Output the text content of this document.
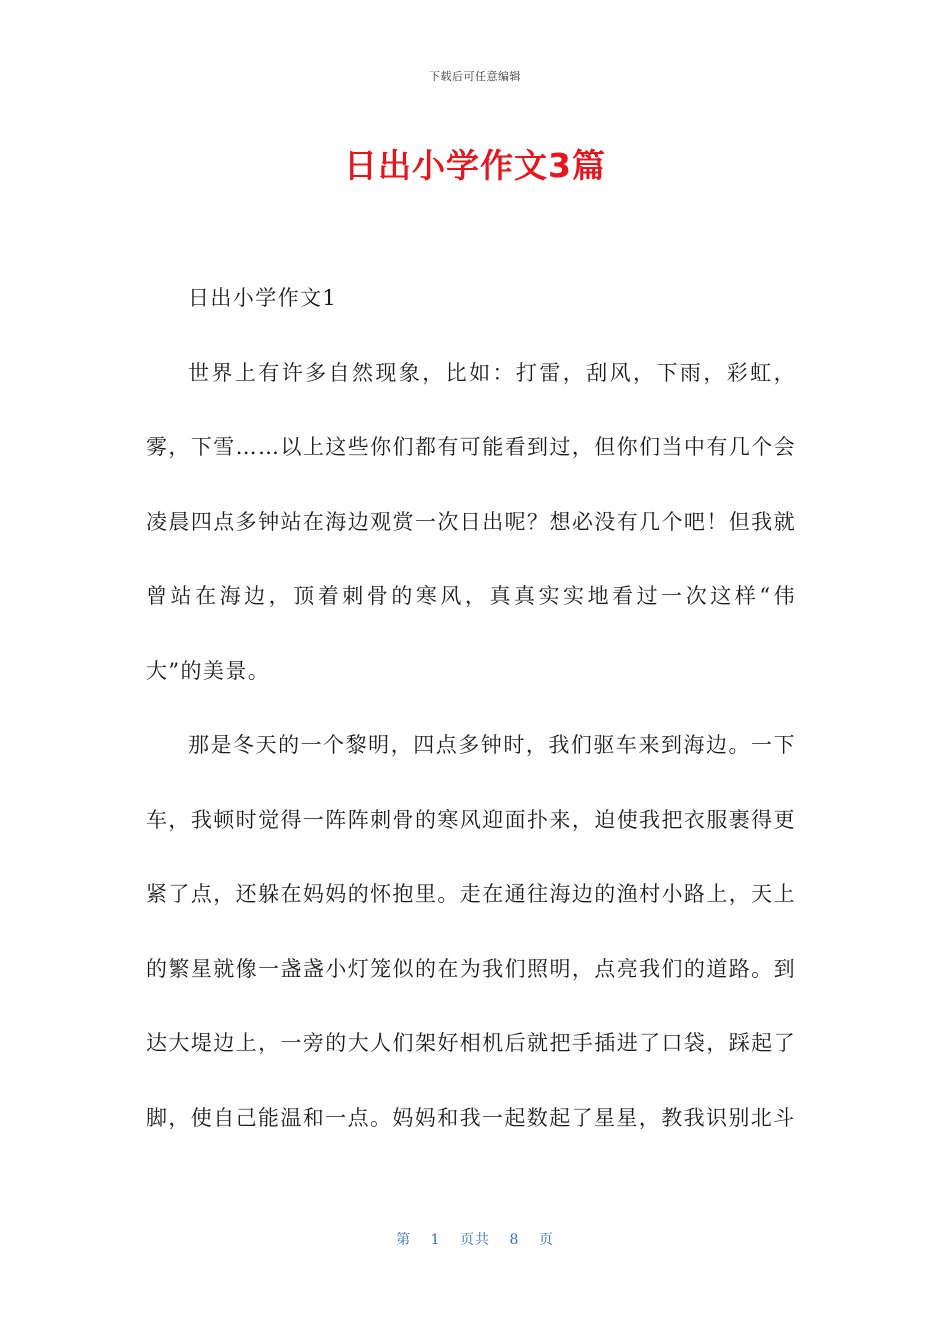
下载后可任意编辑
日出小学作文3篇

日出小学作文1

世界上有许多自然现象，比如：打雷，刮风，下雨，彩虹，雾，下雪……以上这些你们都有可能看到过，但你们当中有几个会凌晨四点多钟站在海边观赏一次日出呢？想必没有几个吧！但我就曾站在海边，顶着刺骨的寒风，真真实实地看过一次这样“伟大”的美景。

那是冬天的一个黎明，四点多钟时，我们驱车来到海边。一下车，我顿时觉得一阵阵刺骨的寒风迎面扑来，迫使我把衣服裹得更紧了点，还躲在妈妈的怀抱里。走在通往海边的渔村小路上，天上的繁星就像一盏盏小灯笼似的在为我们照明，点亮我们的道路。到达大堤边上，一旁的大人们架好相机后就把手插进了口袋，踩起了脚，使自己能温和一点。妈妈和我一起数起了星星，教我识别北斗

第 1 页共 8 页
